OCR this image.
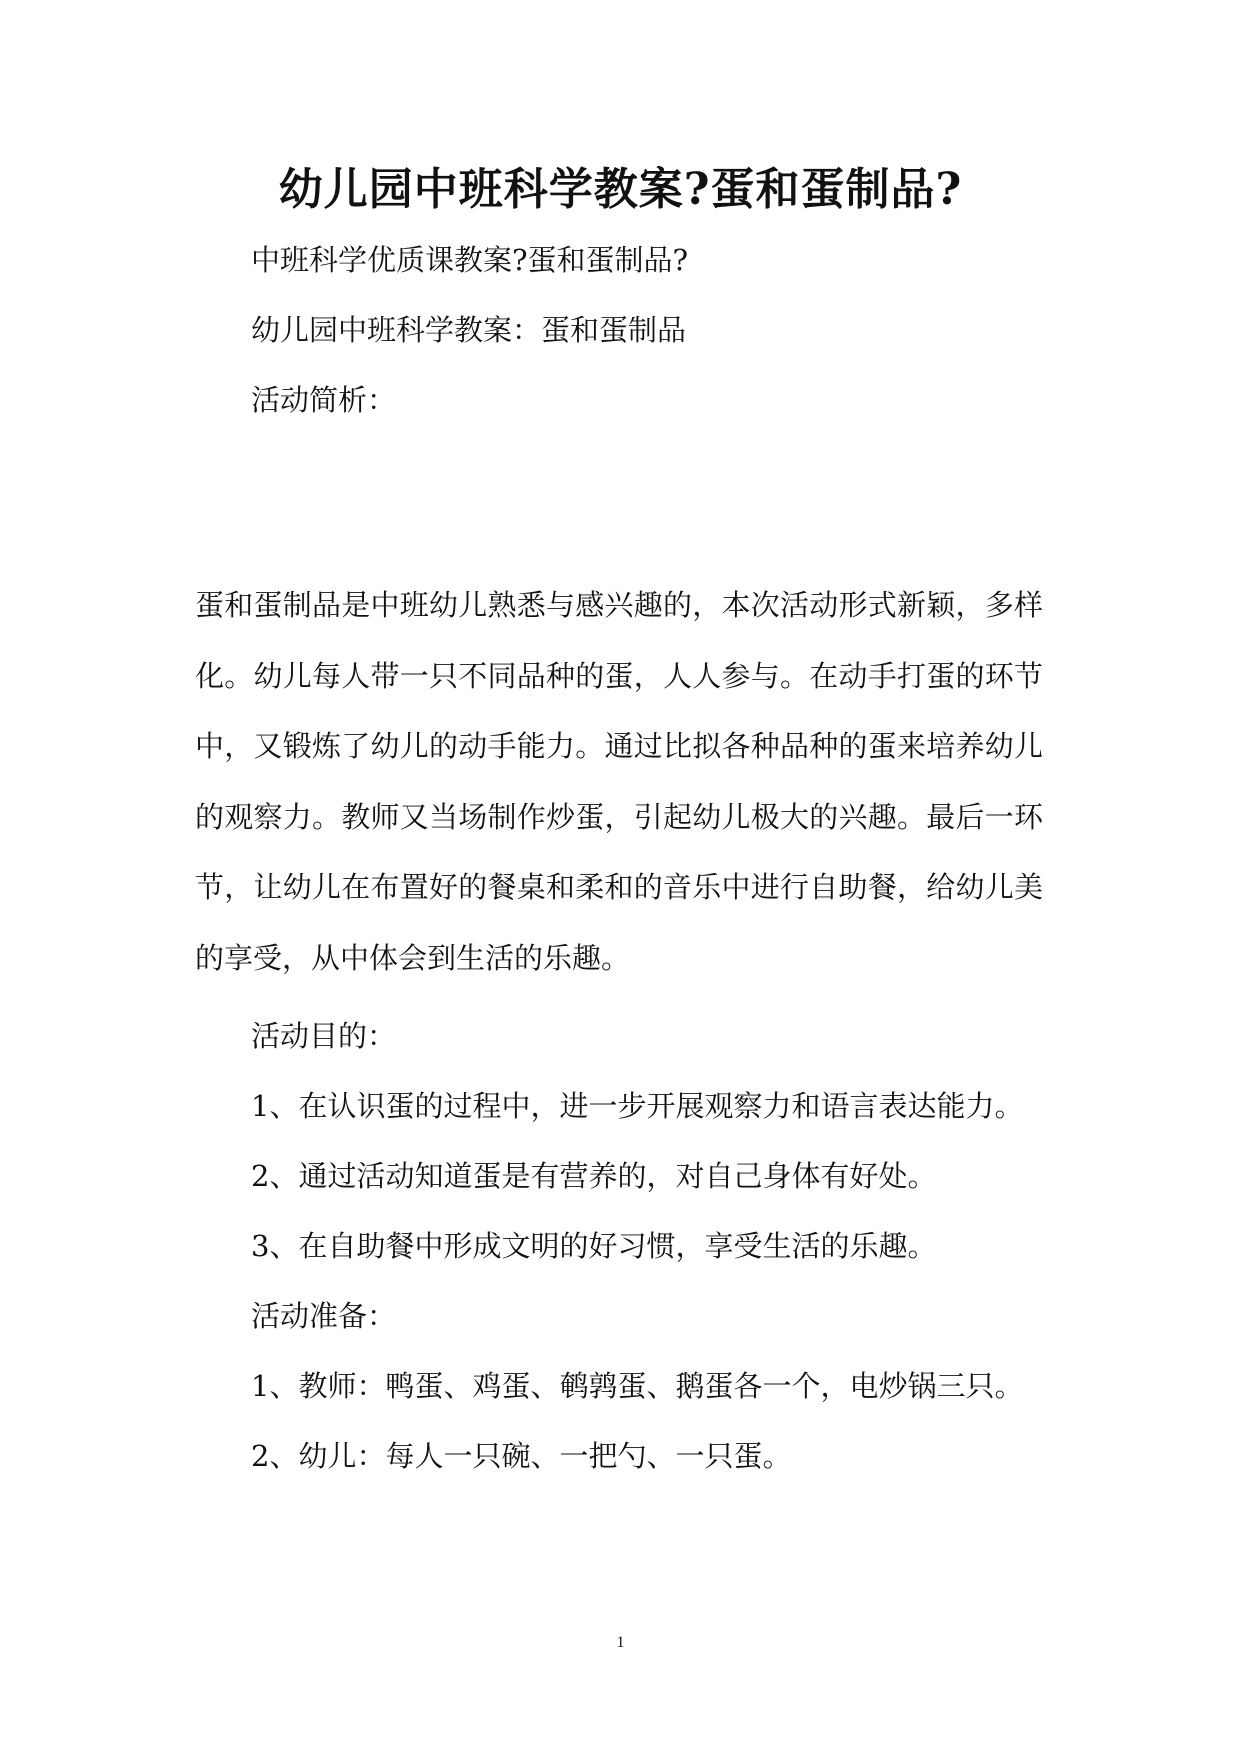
幼儿园中班科学教案?蛋和蛋制品?
中班科学优质课教案?蛋和蛋制品?
幼儿园中班科学教案：蛋和蛋制品
活动简析：
蛋和蛋制品是中班幼儿熟悉与感兴趣的，本次活动形式新颖，多样化。幼儿每人带一只不同品种的蛋，人人参与。在动手打蛋的环节中，又锻炼了幼儿的动手能力。通过比拟各种品种的蛋来培养幼儿的观察力。教师又当场制作炒蛋，引起幼儿极大的兴趣。最后一环节，让幼儿在布置好的餐桌和柔和的音乐中进行自助餐，给幼儿美的享受，从中体会到生活的乐趣。
活动目的：
1、在认识蛋的过程中，进一步开展观察力和语言表达能力。
2、通过活动知道蛋是有营养的，对自己身体有好处。
3、在自助餐中形成文明的好习惯，享受生活的乐趣。
活动准备：
1、教师：鸭蛋、鸡蛋、鹌鹑蛋、鹅蛋各一个，电炒锅三只。
2、幼儿：每人一只碗、一把勺、一只蛋。
1
